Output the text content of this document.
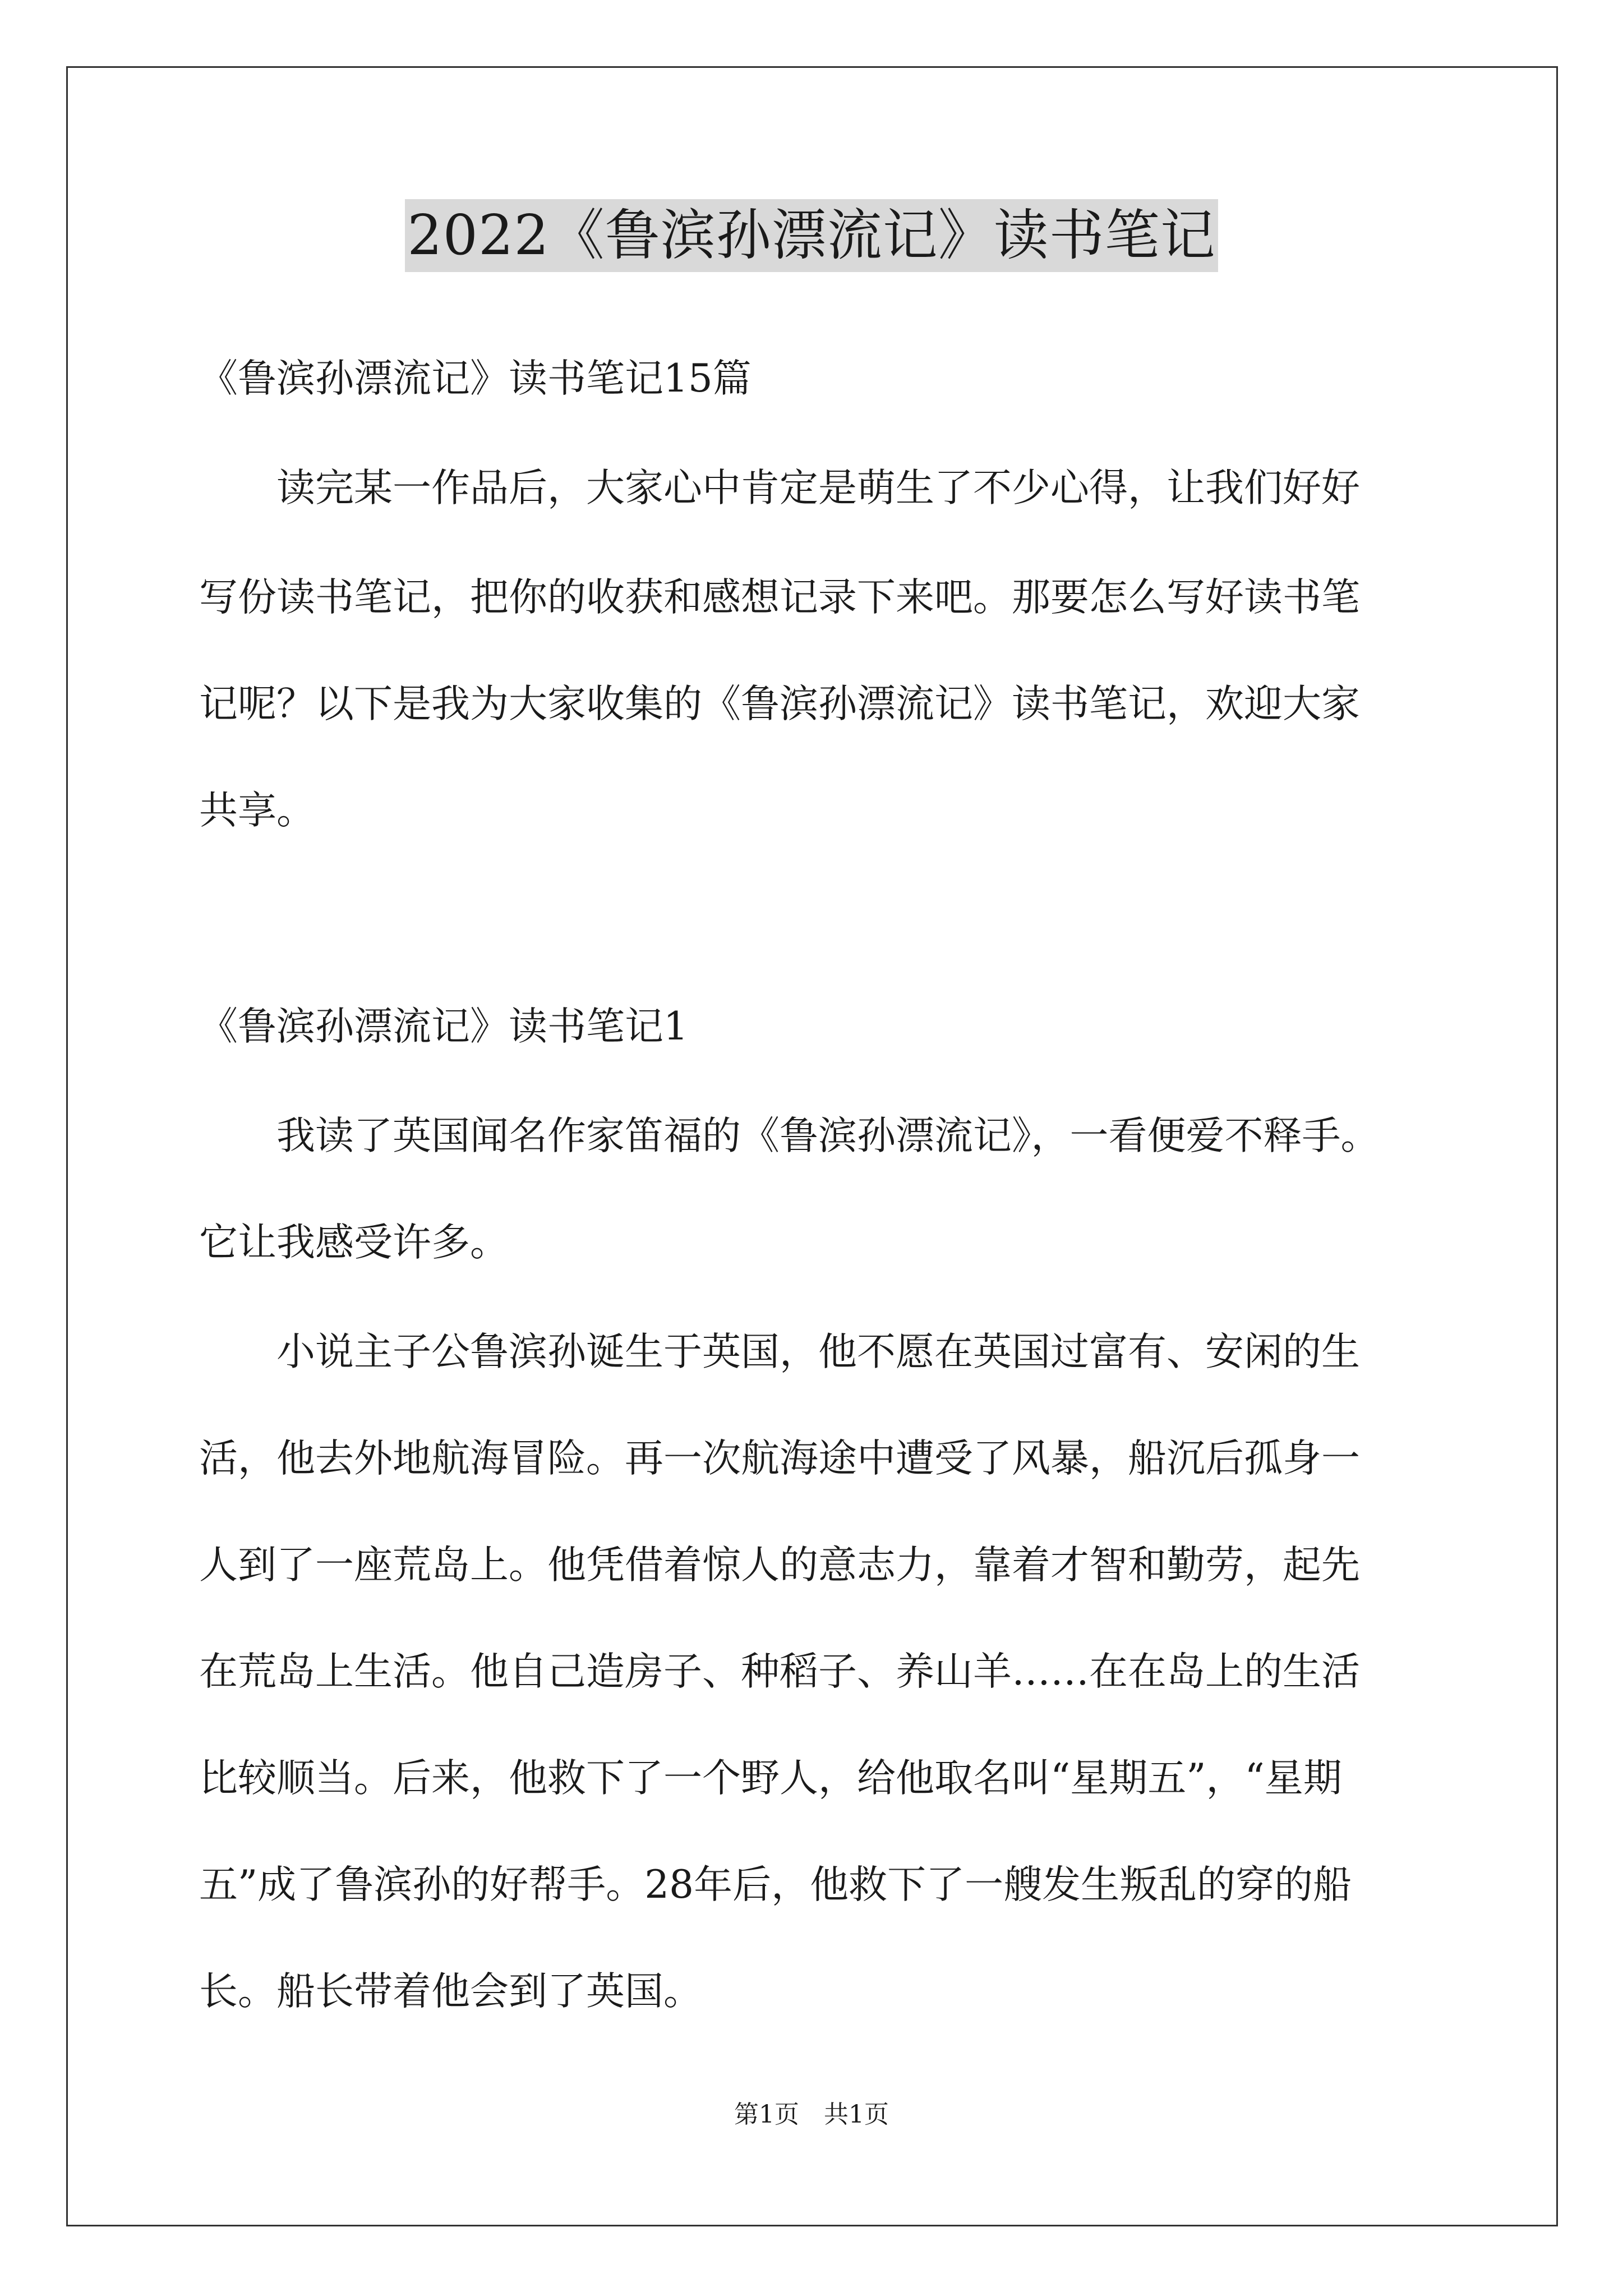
2022《鲁滨孙漂流记》读书笔记
《鲁滨孙漂流记》读书笔记15篇
　　读完某一作品后，大家心中肯定是萌生了不少心得，让我们好好
写份读书笔记，把你的收获和感想记录下来吧。那要怎么写好读书笔
记呢？以下是我为大家收集的《鲁滨孙漂流记》读书笔记，欢迎大家
共享。
《鲁滨孙漂流记》读书笔记1
　　我读了英国闻名作家笛福的《鲁滨孙漂流记》，一看便爱不释手。
它让我感受许多。
　　小说主子公鲁滨孙诞生于英国，他不愿在英国过富有、安闲的生
活，他去外地航海冒险。再一次航海途中遭受了风暴，船沉后孤身一
人到了一座荒岛上。他凭借着惊人的意志力，靠着才智和勤劳，起先
在荒岛上生活。他自己造房子、种稻子、养山羊……在在岛上的生活
比较顺当。后来，他救下了一个野人，给他取名叫“星期五”，“星期
五”成了鲁滨孙的好帮手。28年后，他救下了一艘发生叛乱的穿的船
长。船长带着他会到了英国。
第1页　共1页
